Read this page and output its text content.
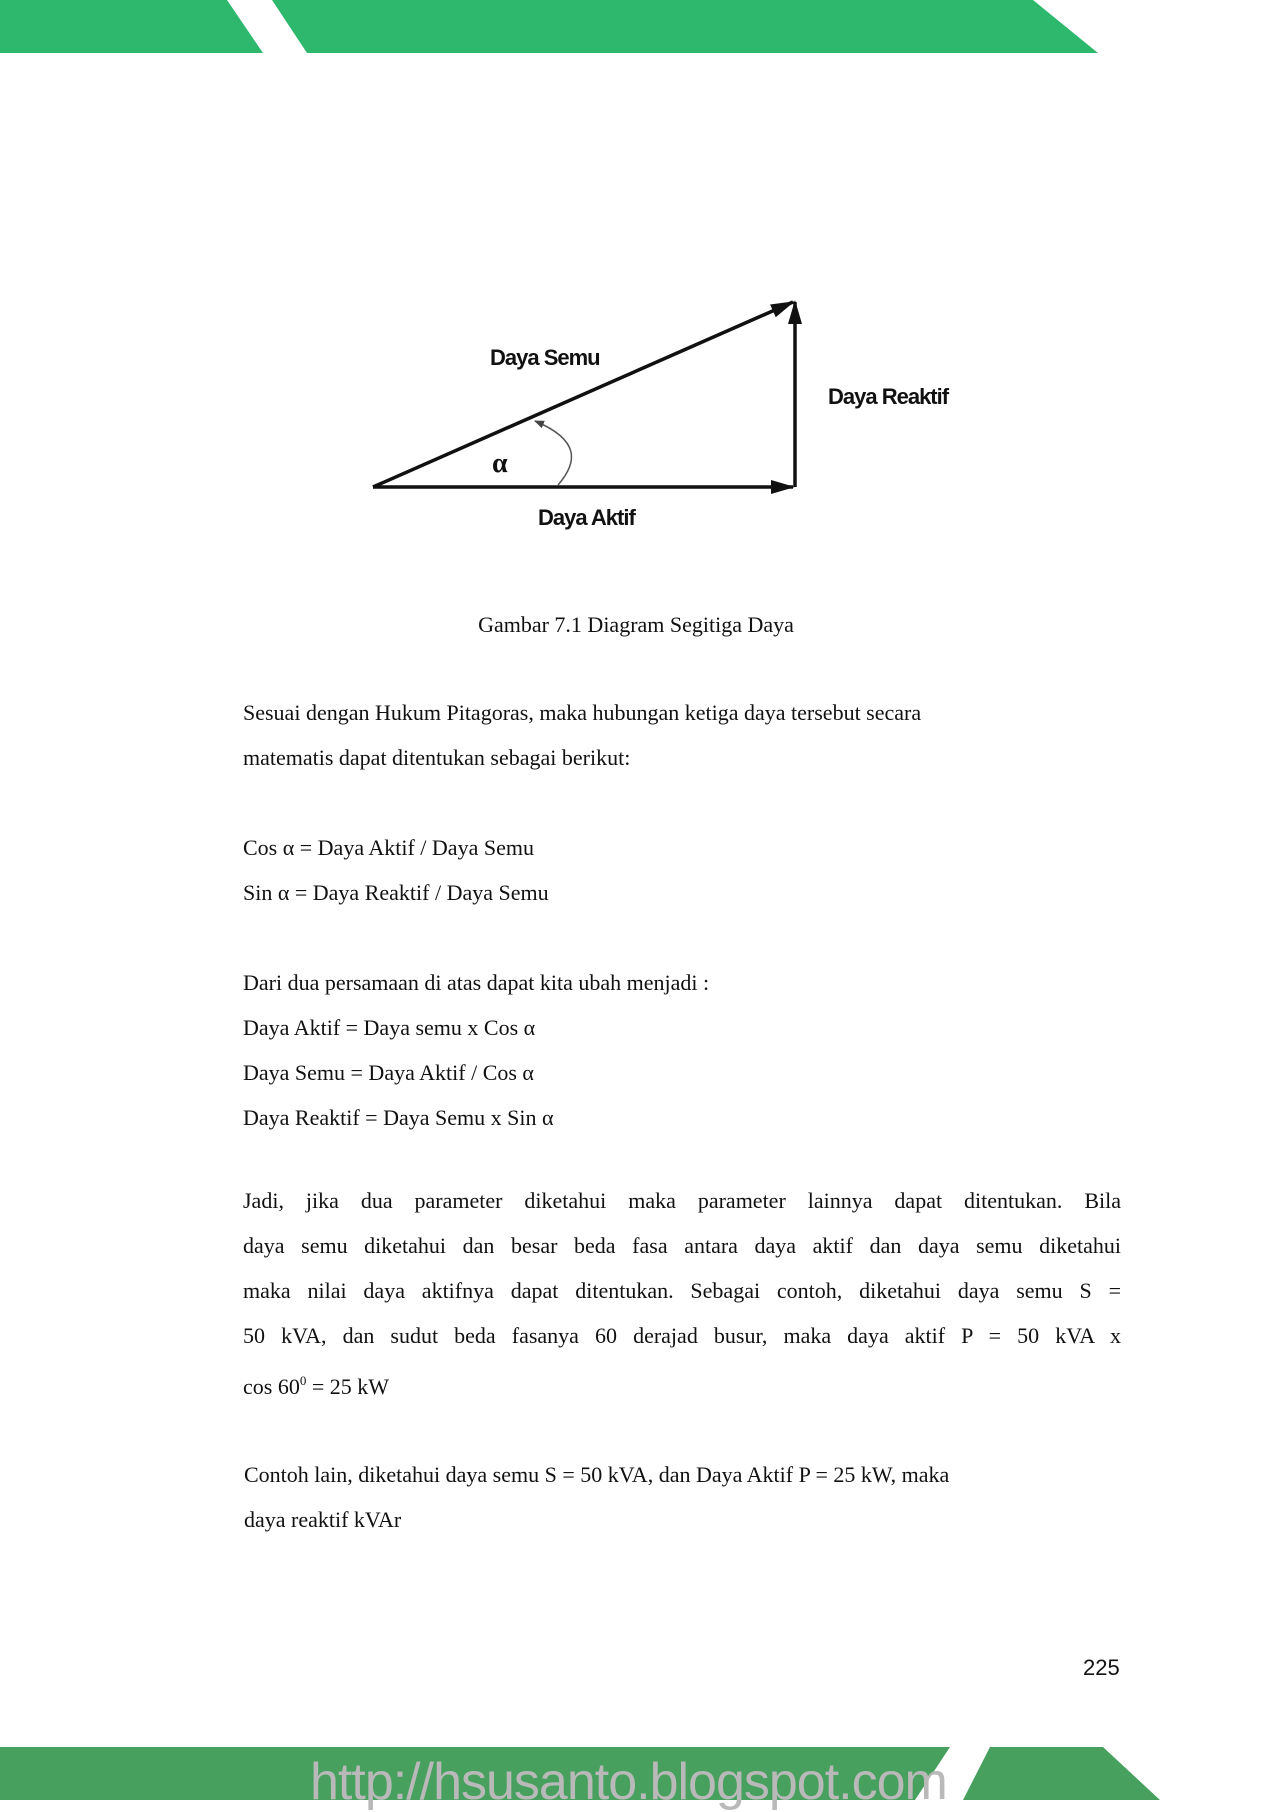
Daya Semu
Daya Reaktif
Daya Aktif
α
Gambar 7.1 Diagram Segitiga Daya
Sesuai dengan Hukum Pitagoras, maka hubungan ketiga daya tersebut secara
matematis dapat ditentukan sebagai berikut:
Cos α = Daya Aktif / Daya Semu
Sin α = Daya Reaktif / Daya Semu
Dari dua persamaan di atas dapat kita ubah menjadi :
Daya Aktif = Daya semu x Cos α
Daya Semu = Daya Aktif / Cos α
Daya Reaktif = Daya Semu x Sin α
Jadi, jika dua parameter diketahui maka parameter lainnya dapat ditentukan. Bila
daya semu diketahui dan besar beda fasa antara daya aktif dan daya semu diketahui
maka nilai daya aktifnya dapat ditentukan. Sebagai contoh, diketahui daya semu S =
50 kVA, dan sudut beda fasanya 60 derajad busur, maka daya aktif P = 50 kVA x
$\cos 60^0 = 25$ kW
Contoh lain, diketahui daya semu S = 50 kVA, dan Daya Aktif P = 25 kW, maka
daya reaktif kVAr
225
http://hsusanto.blogspot.com
